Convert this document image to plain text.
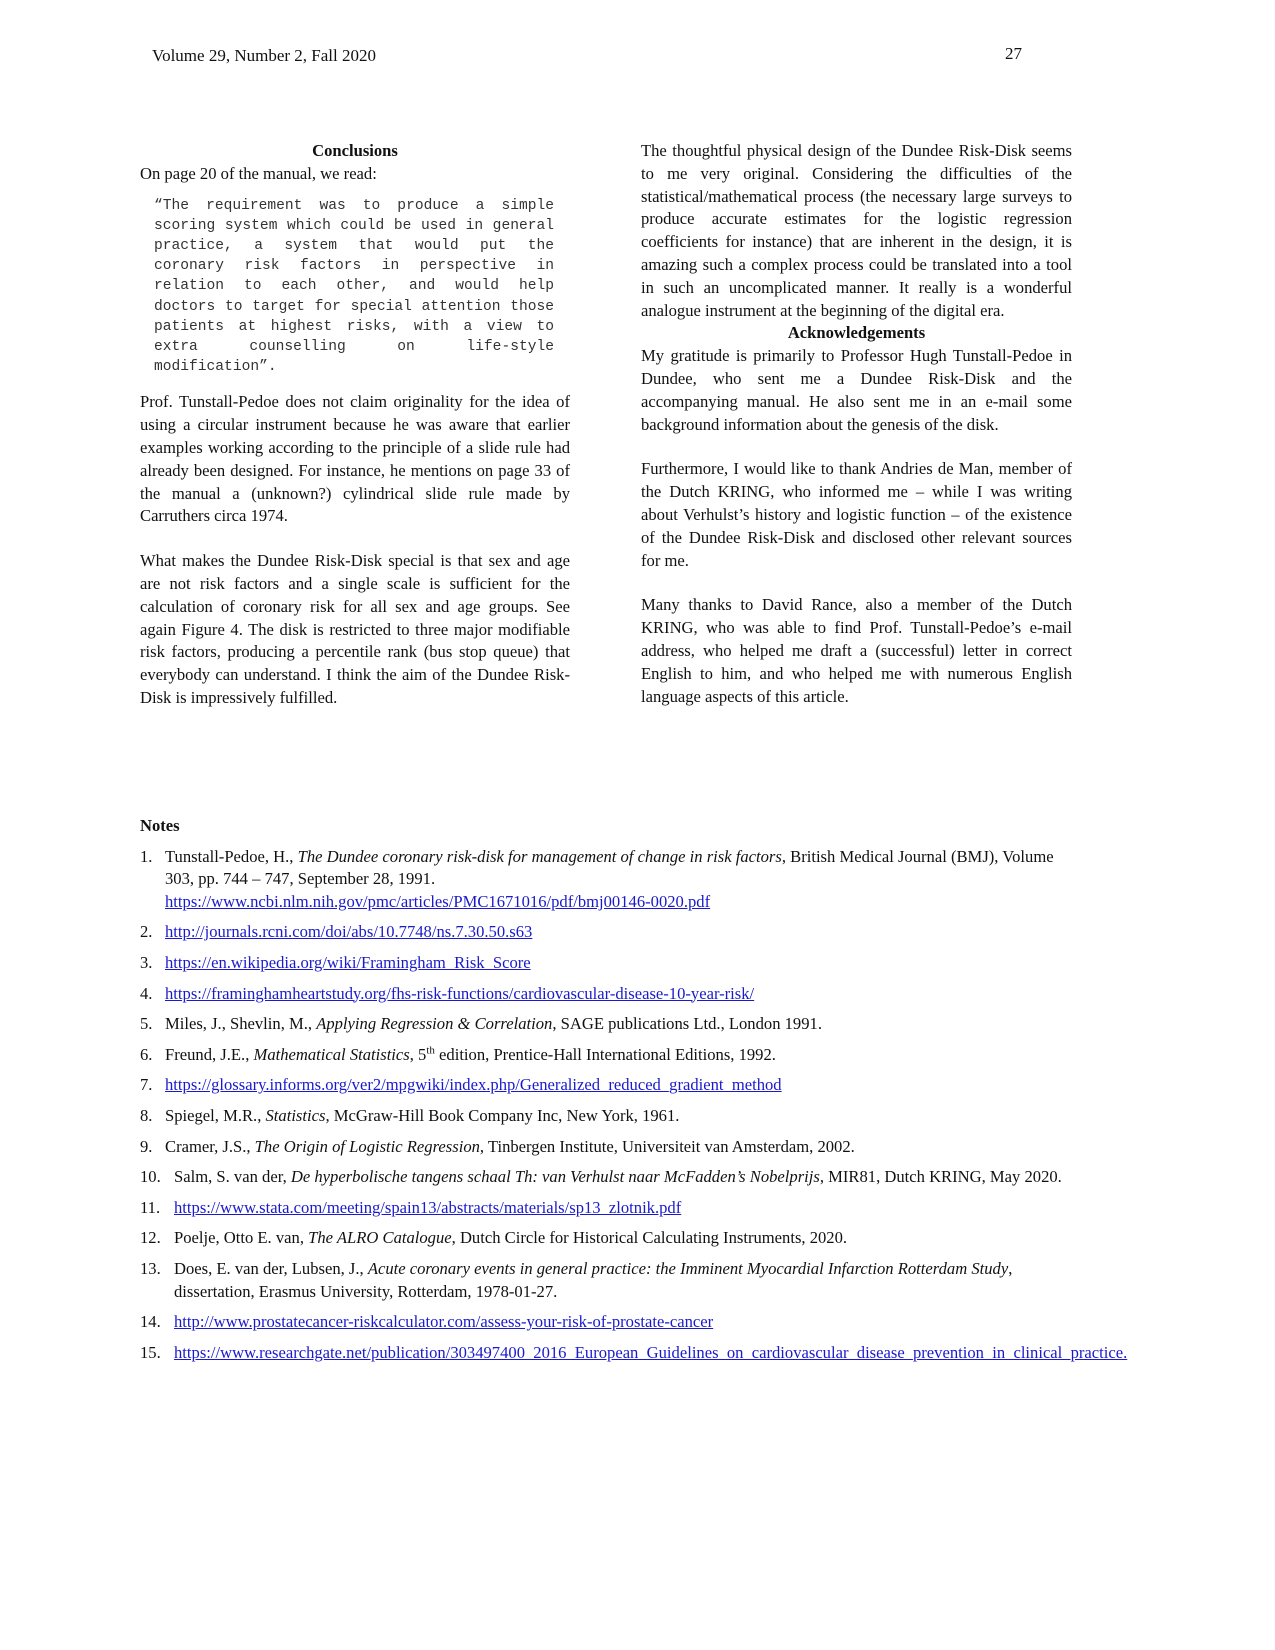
Volume 29, Number 2, Fall 2020	27

Conclusions

On page 20 of the manual, we read:

“The requirement was to produce a simple scoring system which could be used in general practice, a system that would put the coronary risk factors in perspective in relation to each other, and would help doctors to target for special attention those patients at highest risks, with a view to extra counselling on life-style modification”.

Prof. Tunstall-Pedoe does not claim originality for the idea of using a circular instrument because he was aware that earlier examples working according to the principle of a slide rule had already been designed. For instance, he mentions on page 33 of the manual a (unknown?) cylindrical slide rule made by Carruthers circa 1974.

What makes the Dundee Risk-Disk special is that sex and age are not risk factors and a single scale is sufficient for the calculation of coronary risk for all sex and age groups. See again Figure 4. The disk is restricted to three major modifiable risk factors, producing a percentile rank (bus stop queue) that everybody can understand. I think the aim of the Dundee Risk-Disk is impressively fulfilled.

The thoughtful physical design of the Dundee Risk-Disk seems to me very original. Considering the difficulties of the statistical/mathematical process (the necessary large surveys to produce accurate estimates for the logistic regression coefficients for instance) that are inherent in the design, it is amazing such a complex process could be translated into a tool in such an uncomplicated manner. It really is a wonderful analogue instrument at the beginning of the digital era.

Acknowledgements

My gratitude is primarily to Professor Hugh Tunstall-Pedoe in Dundee, who sent me a Dundee Risk-Disk and the accompanying manual. He also sent me in an e-mail some background information about the genesis of the disk.

Furthermore, I would like to thank Andries de Man, member of the Dutch KRING, who informed me – while I was writing about Verhulst’s history and logistic function – of the existence of the Dundee Risk-Disk and disclosed other relevant sources for me.

Many thanks to David Rance, also a member of the Dutch KRING, who was able to find Prof. Tunstall-Pedoe’s e-mail address, who helped me draft a (successful) letter in correct English to him, and who helped me with numerous English language aspects of this article.

Notes

1. Tunstall-Pedoe, H., The Dundee coronary risk-disk for management of change in risk factors, British Medical Journal (BMJ), Volume 303, pp. 744 – 747, September 28, 1991.
https://www.ncbi.nlm.nih.gov/pmc/articles/PMC1671016/pdf/bmj00146-0020.pdf
2. http://journals.rcni.com/doi/abs/10.7748/ns.7.30.50.s63
3. https://en.wikipedia.org/wiki/Framingham_Risk_Score
4. https://framinghamheartstudy.org/fhs-risk-functions/cardiovascular-disease-10-year-risk/
5. Miles, J., Shevlin, M., Applying Regression & Correlation, SAGE publications Ltd., London 1991.
6. Freund, J.E., Mathematical Statistics, 5th edition, Prentice-Hall International Editions, 1992.
7. https://glossary.informs.org/ver2/mpgwiki/index.php/Generalized_reduced_gradient_method
8. Spiegel, M.R., Statistics, McGraw-Hill Book Company Inc, New York, 1961.
9. Cramer, J.S., The Origin of Logistic Regression, Tinbergen Institute, Universiteit van Amsterdam, 2002.
10. Salm, S. van der, De hyperbolische tangens schaal Th: van Verhulst naar McFadden’s Nobelprijs, MIR81, Dutch KRING, May 2020.
11. https://www.stata.com/meeting/spain13/abstracts/materials/sp13_zlotnik.pdf
12. Poelje, Otto E. van, The ALRO Catalogue, Dutch Circle for Historical Calculating Instruments, 2020.
13. Does, E. van der, Lubsen, J., Acute coronary events in general practice: the Imminent Myocardial Infarction Rotterdam Study, dissertation, Erasmus University, Rotterdam, 1978-01-27.
14. http://www.prostatecancer-riskcalculator.com/assess-your-risk-of-prostate-cancer
15. https://www.researchgate.net/publication/303497400_2016_European_Guidelines_on_cardiovascular_disease_prevention_in_clinical_practice.
